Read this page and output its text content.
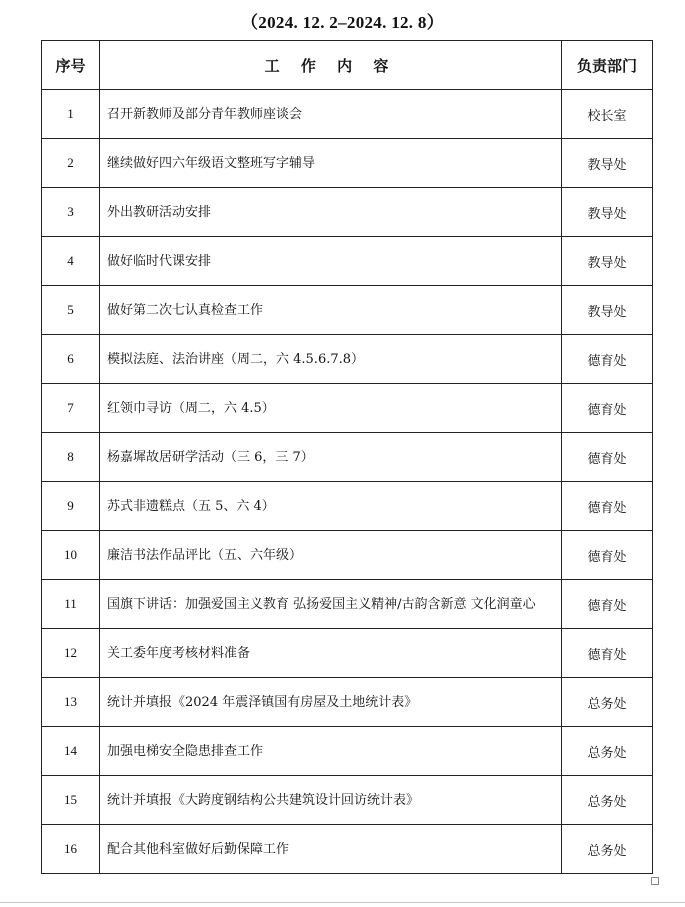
（2024. 12. 2–2024. 12. 8）
序号	工 作 内 容	负责部门
1	召开新教师及部分青年教师座谈会	校长室
2	继续做好四六年级语文整班写字辅导	教导处
3	外出教研活动安排	教导处
4	做好临时代课安排	教导处
5	做好第二次七认真检查工作	教导处
6	模拟法庭、法治讲座（周二，六 4.5.6.7.8）	德育处
7	红领巾寻访（周二，六 4.5）	德育处
8	杨嘉墀故居研学活动（三 6，三 7）	德育处
9	苏式非遗糕点（五 5、六 4）	德育处
10	廉洁书法作品评比（五、六年级）	德育处
11	国旗下讲话：加强爱国主义教育 弘扬爱国主义精神/古韵含新意 文化润童心	德育处
12	关工委年度考核材料准备	德育处
13	统计并填报《2024 年震泽镇国有房屋及土地统计表》	总务处
14	加强电梯安全隐患排查工作	总务处
15	统计并填报《大跨度钢结构公共建筑设计回访统计表》	总务处
16	配合其他科室做好后勤保障工作	总务处
